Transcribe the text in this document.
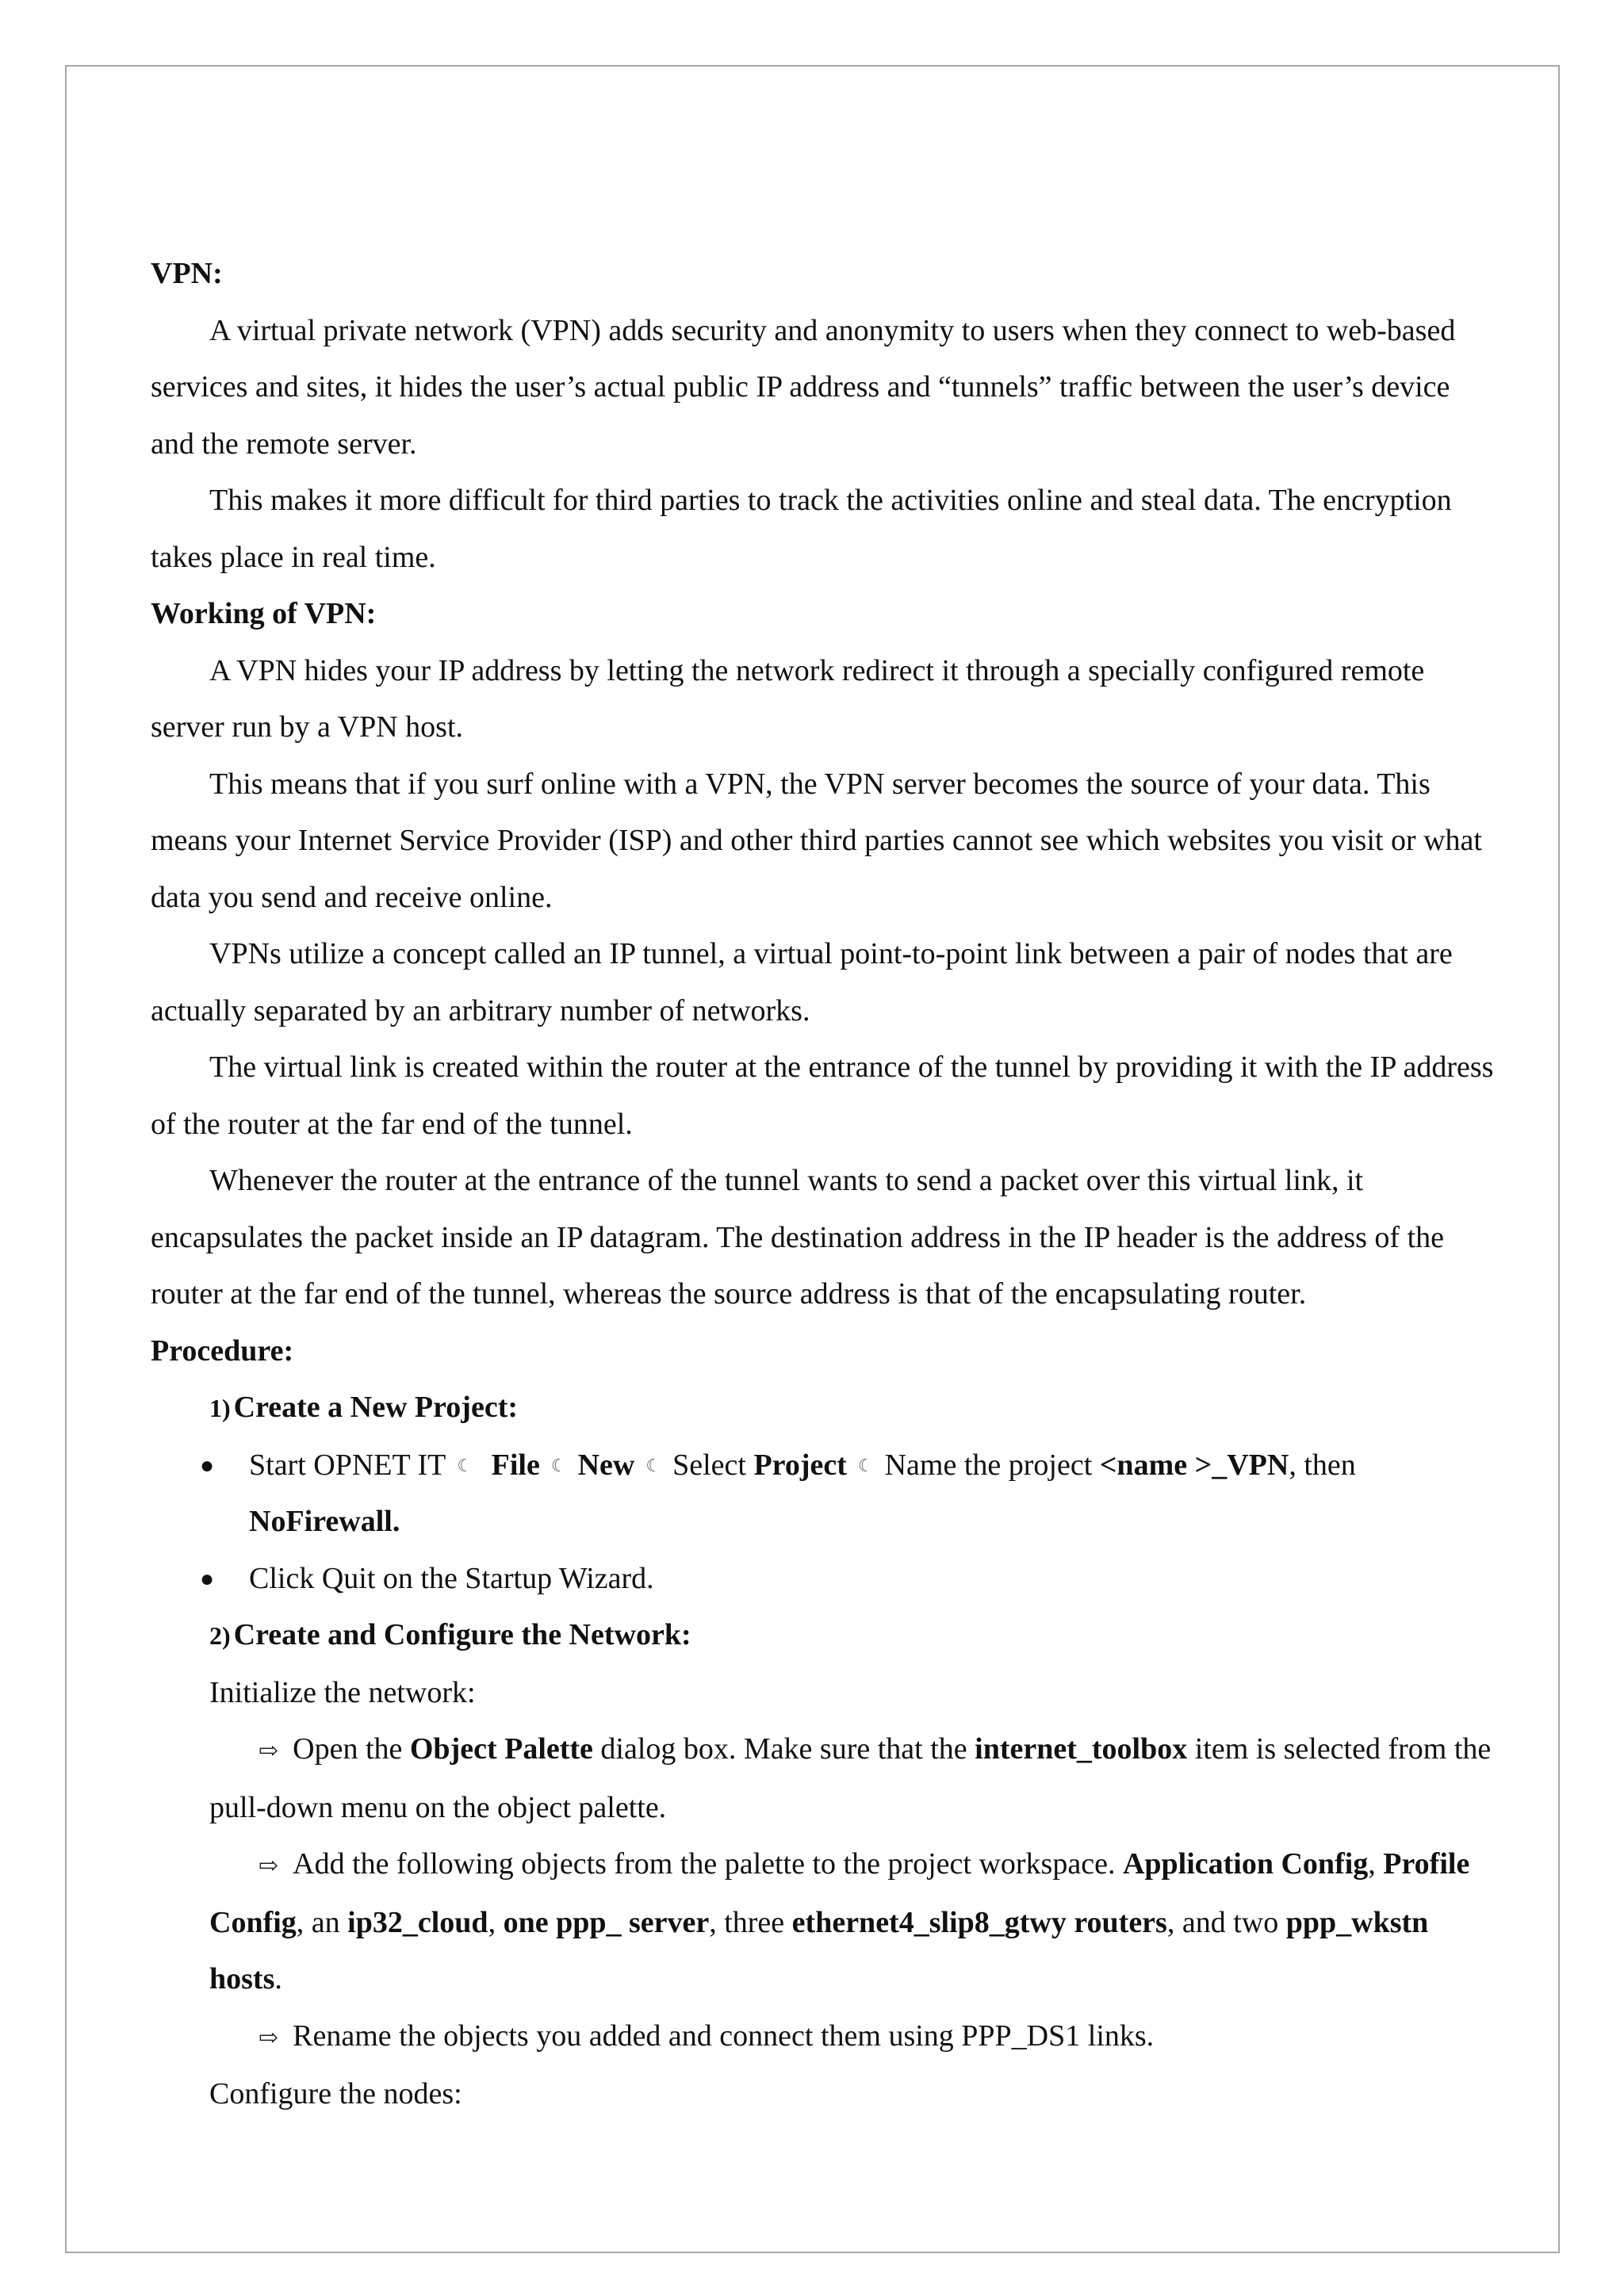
VPN:

A virtual private network (VPN) adds security and anonymity to users when they connect to web-based services and sites, it hides the user’s actual public IP address and “tunnels” traffic between the user’s device and the remote server.

This makes it more difficult for third parties to track the activities online and steal data. The encryption takes place in real time.

Working of VPN:

A VPN hides your IP address by letting the network redirect it through a specially configured remote server run by a VPN host.

This means that if you surf online with a VPN, the VPN server becomes the source of your data. This means your Internet Service Provider (ISP) and other third parties cannot see which websites you visit or what data you send and receive online.

VPNs utilize a concept called an IP tunnel, a virtual point-to-point link between a pair of nodes that are actually separated by an arbitrary number of networks.

The virtual link is created within the router at the entrance of the tunnel by providing it with the IP address of the router at the far end of the tunnel.

Whenever the router at the entrance of the tunnel wants to send a packet over this virtual link, it encapsulates the packet inside an IP datagram. The destination address in the IP header is the address of the router at the far end of the tunnel, whereas the source address is that of the encapsulating router.

Procedure:
1) Create a New Project:
● Start OPNET IT ☾ File ☾ New ☾ Select Project ☾ Name the project <name >_VPN, then
NoFirewall.
● Click Quit on the Startup Wizard.
2) Create and Configure the Network:
Initialize the network:

⇨ Open the Object Palette dialog box. Make sure that the internet_toolbox item is selected from the pull-down menu on the object palette.

⇨ Add the following objects from the palette to the project workspace. Application Config, Profile Config, an ip32_cloud, one ppp_ server, three ethernet4_slip8_gtwy routers, and two ppp_wkstn hosts.

⇨ Rename the objects you added and connect them using PPP_DS1 links.

Configure the nodes:
